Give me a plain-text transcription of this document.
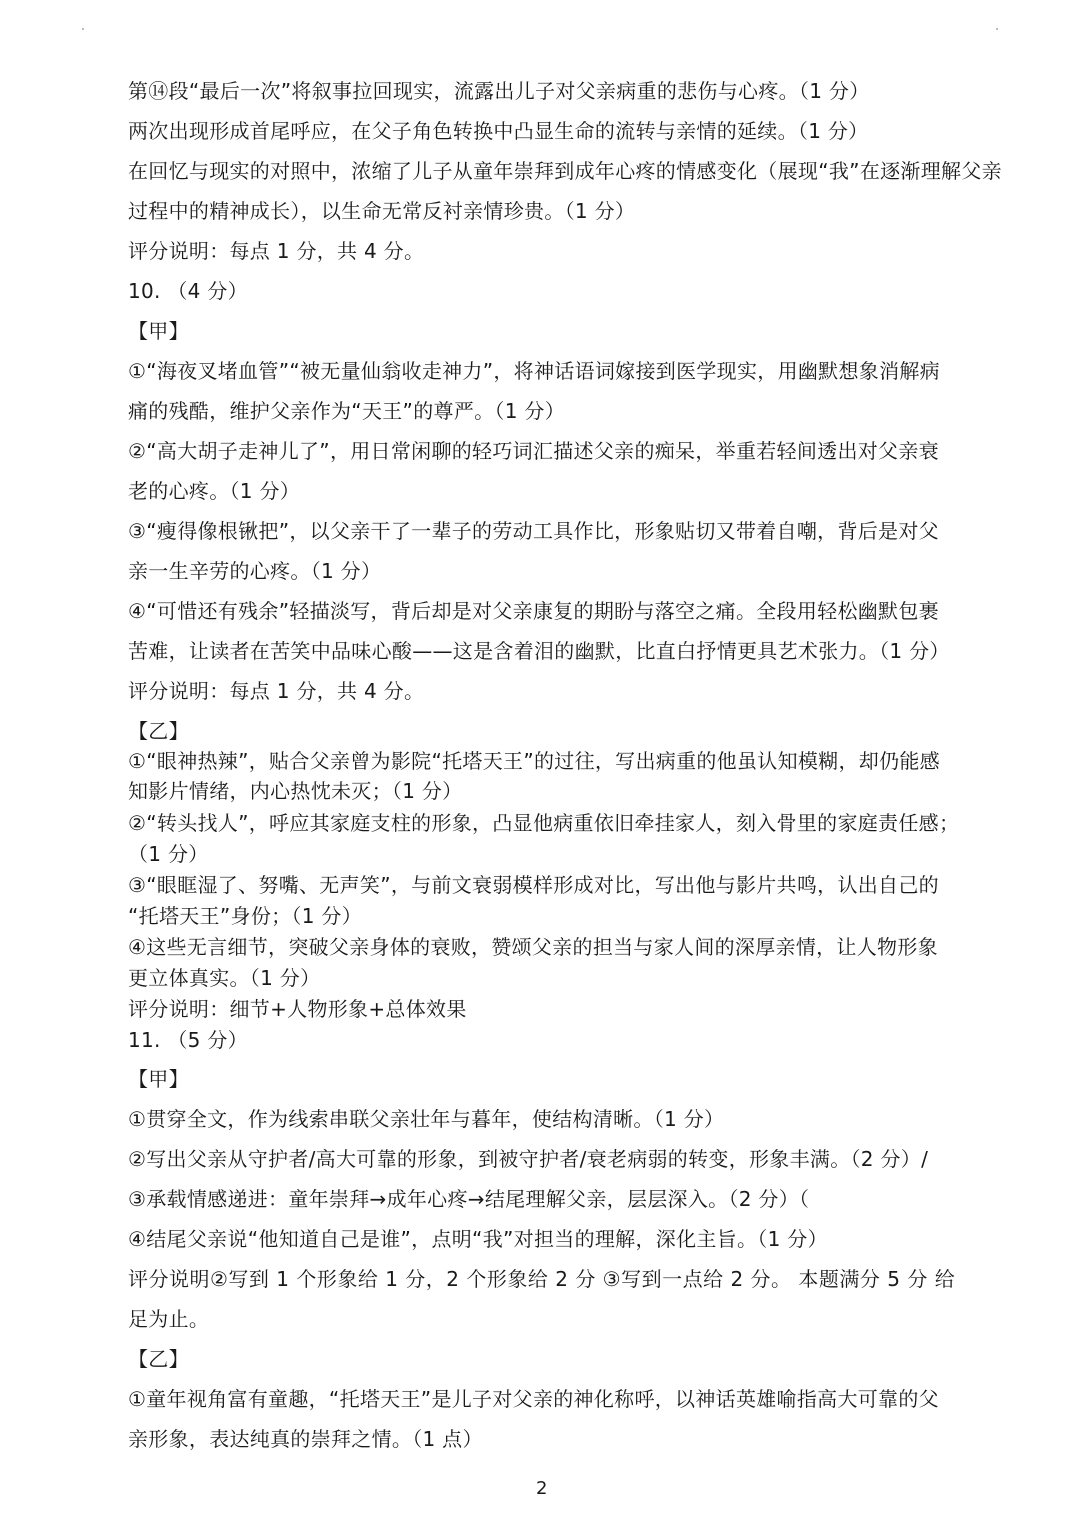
第⑭段“最后一次”将叙事拉回现实，流露出儿子对父亲病重的悲伤与心疼。（1 分）
两次出现形成首尾呼应，在父子角色转换中凸显生命的流转与亲情的延续。（1 分）
在回忆与现实的对照中，浓缩了儿子从童年崇拜到成年心疼的情感变化（展现“我”在逐渐理解父亲
过程中的精神成长），以生命无常反衬亲情珍贵。（1 分）
评分说明：每点 1 分，共 4 分。
10. （4 分）
【甲】
①“海夜叉堵血管”“被无量仙翁收走神力”，将神话语词嫁接到医学现实，用幽默想象消解病
痛的残酷，维护父亲作为“天王”的尊严。（1 分）
②“高大胡子走神儿了”，用日常闲聊的轻巧词汇描述父亲的痴呆，举重若轻间透出对父亲衰
老的心疼。（1 分）
③“瘦得像根锹把”，以父亲干了一辈子的劳动工具作比，形象贴切又带着自嘲，背后是对父
亲一生辛劳的心疼。（1 分）
④“可惜还有残余”轻描淡写，背后却是对父亲康复的期盼与落空之痛。全段用轻松幽默包裹
苦难，让读者在苦笑中品味心酸——这是含着泪的幽默，比直白抒情更具艺术张力。（1 分）
评分说明：每点 1 分，共 4 分。
【乙】
①“眼神热辣”，贴合父亲曾为影院“托塔天王”的过往，写出病重的他虽认知模糊，却仍能感
知影片情绪，内心热忱未灭；（1 分）
②“转头找人”，呼应其家庭支柱的形象，凸显他病重依旧牵挂家人，刻入骨里的家庭责任感；
（1 分）
③“眼眶湿了、努嘴、无声笑”，与前文衰弱模样形成对比，写出他与影片共鸣，认出自己的
“托塔天王”身份；（1 分）
④这些无言细节，突破父亲身体的衰败，赞颂父亲的担当与家人间的深厚亲情，让人物形象
更立体真实。（1 分）
评分说明：细节+人物形象+总体效果
11. （5 分）
【甲】
①贯穿全文，作为线索串联父亲壮年与暮年，使结构清晰。（1 分）
②写出父亲从守护者/高大可靠的形象，到被守护者/衰老病弱的转变，形象丰满。（2 分）/
③承载情感递进：童年崇拜→成年心疼→结尾理解父亲，层层深入。（2 分）（
④结尾父亲说“他知道自己是谁”，点明“我”对担当的理解，深化主旨。（1 分）
评分说明②写到 1 个形象给 1 分，2 个形象给 2 分 ③写到一点给 2 分。 本题满分 5 分 给
足为止。
【乙】
①童年视角富有童趣，“托塔天王”是儿子对父亲的神化称呼，以神话英雄喻指高大可靠的父
亲形象，表达纯真的崇拜之情。（1 点）
2
